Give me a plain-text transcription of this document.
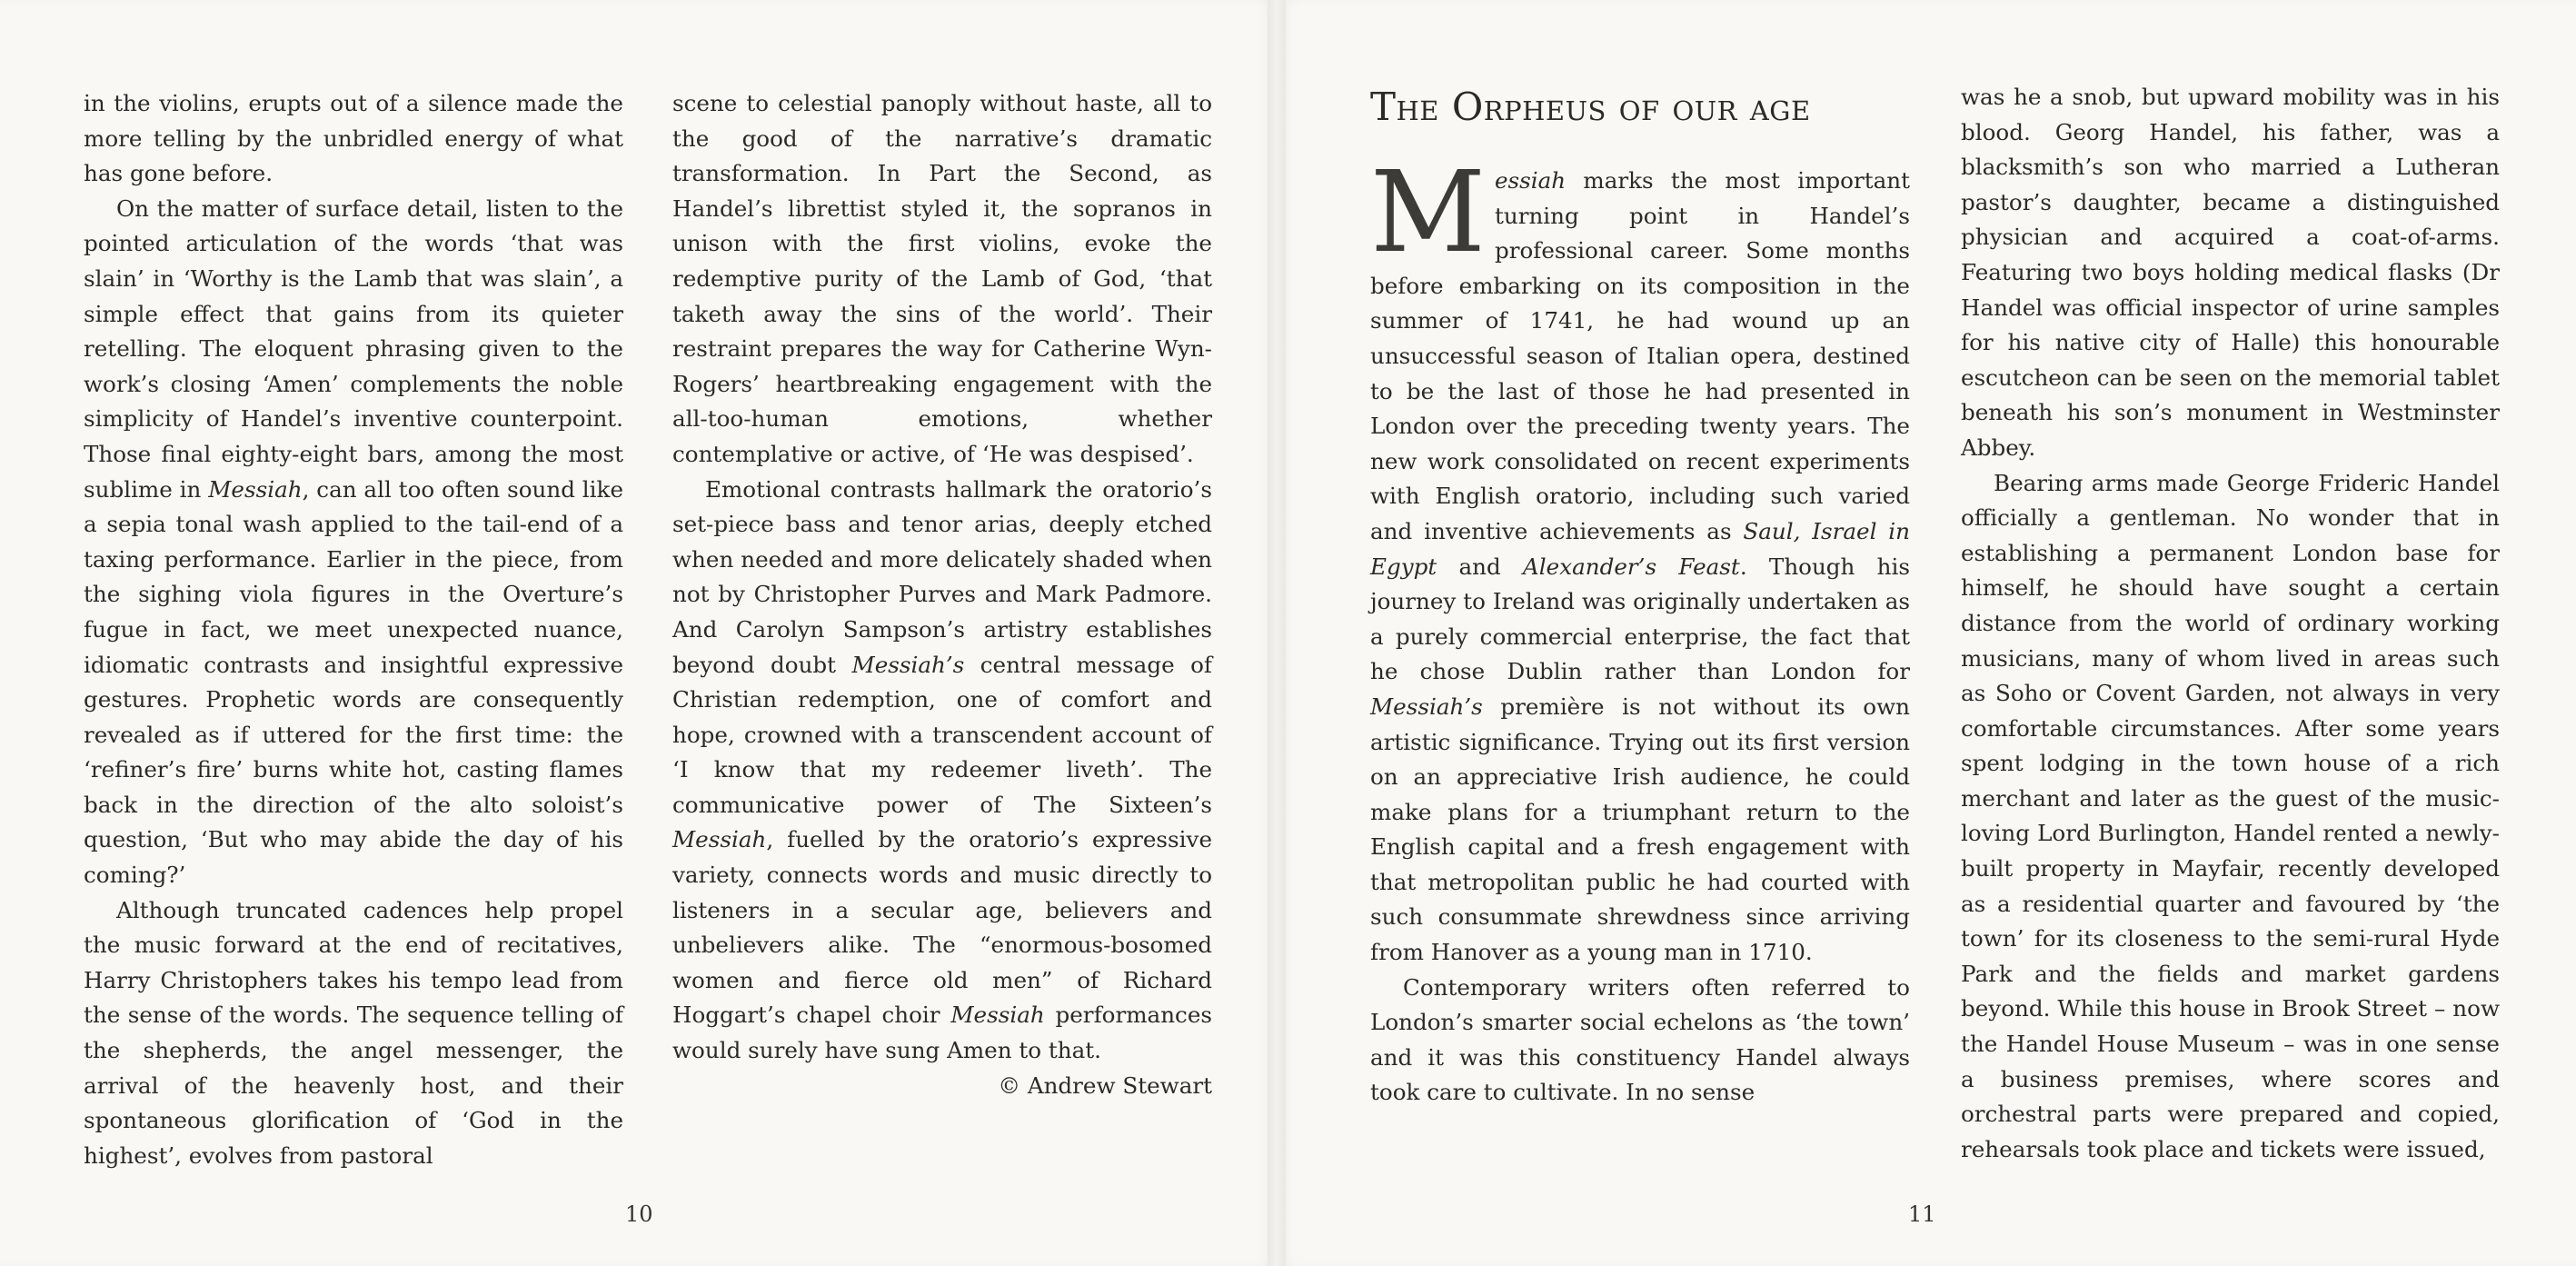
in the violins, erupts out of a silence made the more telling by the unbridled energy of what has gone before.

On the matter of surface detail, listen to the pointed articulation of the words ‘that was slain’ in ‘Worthy is the Lamb that was slain’, a simple effect that gains from its quieter retelling. The eloquent phrasing given to the work’s closing ‘Amen’ complements the noble simplicity of Handel’s inventive counterpoint. Those final eighty-eight bars, among the most sublime in Messiah, can all too often sound like a sepia tonal wash applied to the tail-end of a taxing performance. Earlier in the piece, from the sighing viola figures in the Overture’s fugue in fact, we meet unexpected nuance, idiomatic contrasts and insightful expressive gestures. Prophetic words are consequently revealed as if uttered for the first time: the ‘refiner’s fire’ burns white hot, casting flames back in the direction of the alto soloist’s question, ‘But who may abide the day of his coming?’

Although truncated cadences help propel the music forward at the end of recitatives, Harry Christophers takes his tempo lead from the sense of the words. The sequence telling of the shepherds, the angel messenger, the arrival of the heavenly host, and their spontaneous glorification of ‘God in the highest’, evolves from pastoral

scene to celestial panoply without haste, all to the good of the narrative’s dramatic transformation. In Part the Second, as Handel’s librettist styled it, the sopranos in unison with the first violins, evoke the redemptive purity of the Lamb of God, ‘that taketh away the sins of the world’. Their restraint prepares the way for Catherine Wyn-Rogers’ heartbreaking engagement with the all-too-human emotions, whether contemplative or active, of ‘He was despised’.

Emotional contrasts hallmark the oratorio’s set-piece bass and tenor arias, deeply etched when needed and more delicately shaded when not by Christopher Purves and Mark Padmore. And Carolyn Sampson’s artistry establishes beyond doubt Messiah’s central message of Christian redemption, one of comfort and hope, crowned with a transcendent account of ‘I know that my redeemer liveth’. The communicative power of The Sixteen’s Messiah, fuelled by the oratorio’s expressive variety, connects words and music directly to listeners in a secular age, believers and unbelievers alike. The “enormous-bosomed women and fierce old men” of Richard Hoggart’s chapel choir Messiah performances would surely have sung Amen to that.

© Andrew Stewart

10
The Orpheus of our age

Messiah marks the most important turning point in Handel’s professional career. Some months before embarking on its composition in the summer of 1741, he had wound up an unsuccessful season of Italian opera, destined to be the last of those he had presented in London over the preceding twenty years. The new work consolidated on recent experiments with English oratorio, including such varied and inventive achievements as Saul, Israel in Egypt and Alexander’s Feast. Though his journey to Ireland was originally undertaken as a purely commercial enterprise, the fact that he chose Dublin rather than London for Messiah’s première is not without its own artistic significance. Trying out its first version on an appreciative Irish audience, he could make plans for a triumphant return to the English capital and a fresh engagement with that metropolitan public he had courted with such consummate shrewdness since arriving from Hanover as a young man in 1710.

Contemporary writers often referred to London’s smarter social echelons as ‘the town’ and it was this constituency Handel always took care to cultivate. In no sense

was he a snob, but upward mobility was in his blood. Georg Handel, his father, was a blacksmith’s son who married a Lutheran pastor’s daughter, became a distinguished physician and acquired a coat-of-arms. Featuring two boys holding medical flasks (Dr Handel was official inspector of urine samples for his native city of Halle) this honourable escutcheon can be seen on the memorial tablet beneath his son’s monument in Westminster Abbey.

Bearing arms made George Frideric Handel officially a gentleman. No wonder that in establishing a permanent London base for himself, he should have sought a certain distance from the world of ordinary working musicians, many of whom lived in areas such as Soho or Covent Garden, not always in very comfortable circumstances. After some years spent lodging in the town house of a rich merchant and later as the guest of the music-loving Lord Burlington, Handel rented a newly-built property in Mayfair, recently developed as a residential quarter and favoured by ‘the town’ for its closeness to the semi-rural Hyde Park and the fields and market gardens beyond. While this house in Brook Street – now the Handel House Museum – was in one sense a business premises, where scores and orchestral parts were prepared and copied, rehearsals took place and tickets were issued,

11
